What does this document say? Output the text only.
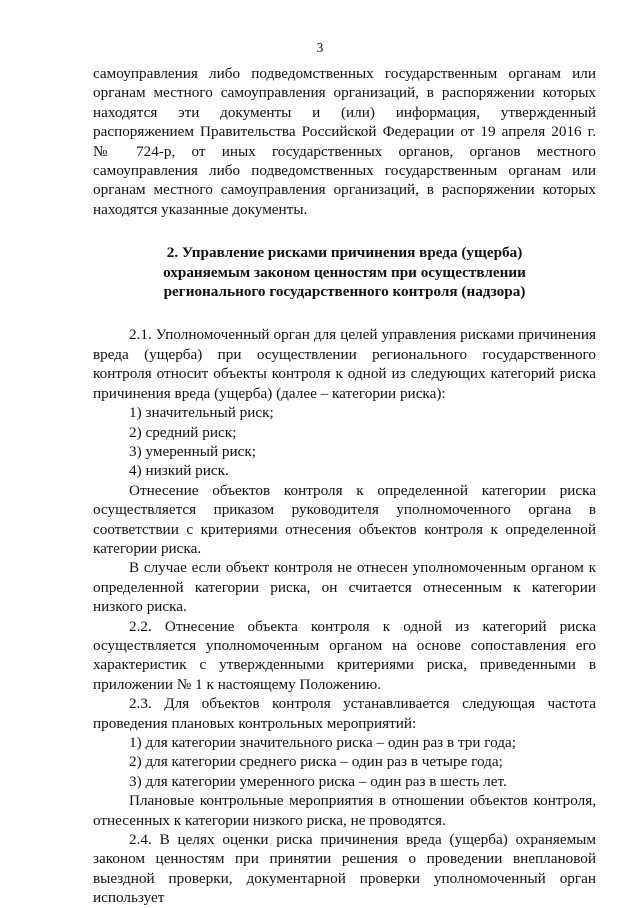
3

самоуправления либо подведомственных государственным органам или органам местного самоуправления организаций, в распоряжении которых находятся эти документы и (или) информация, утвержденный распоряжением Правительства Российской Федерации от 19 апреля 2016 г. № 724-р, от иных государственных органов, органов местного самоуправления либо подведомственных государственным органам или органам местного самоуправления организаций, в распоряжении которых находятся указанные документы.

2. Управление рисками причинения вреда (ущерба)
охраняемым законом ценностям при осуществлении
регионального государственного контроля (надзора)

2.1. Уполномоченный орган для целей управления рисками причинения вреда (ущерба) при осуществлении регионального государственного контроля относит объекты контроля к одной из следующих категорий риска причинения вреда (ущерба) (далее – категории риска):

1) значительный риск;

2) средний риск;

3) умеренный риск;

4) низкий риск.

Отнесение объектов контроля к определенной категории риска осуществляется приказом руководителя уполномоченного органа в соответствии с критериями отнесения объектов контроля к определенной категории риска.

В случае если объект контроля не отнесен уполномоченным органом к определенной категории риска, он считается отнесенным к категории низкого риска.

2.2. Отнесение объекта контроля к одной из категорий риска осуществляется уполномоченным органом на основе сопоставления его характеристик с утвержденными критериями риска, приведенными в приложении № 1 к настоящему Положению.

2.3. Для объектов контроля устанавливается следующая частота проведения плановых контрольных мероприятий:

1) для категории значительного риска – один раз в три года;

2) для категории среднего риска – один раз в четыре года;

3) для категории умеренного риска – один раз в шесть лет.

Плановые контрольные мероприятия в отношении объектов контроля, отнесенных к категории низкого риска, не проводятся.

2.4. В целях оценки риска причинения вреда (ущерба) охраняемым законом ценностям при принятии решения о проведении внеплановой выездной проверки, документарной проверки уполномоченный орган использует
